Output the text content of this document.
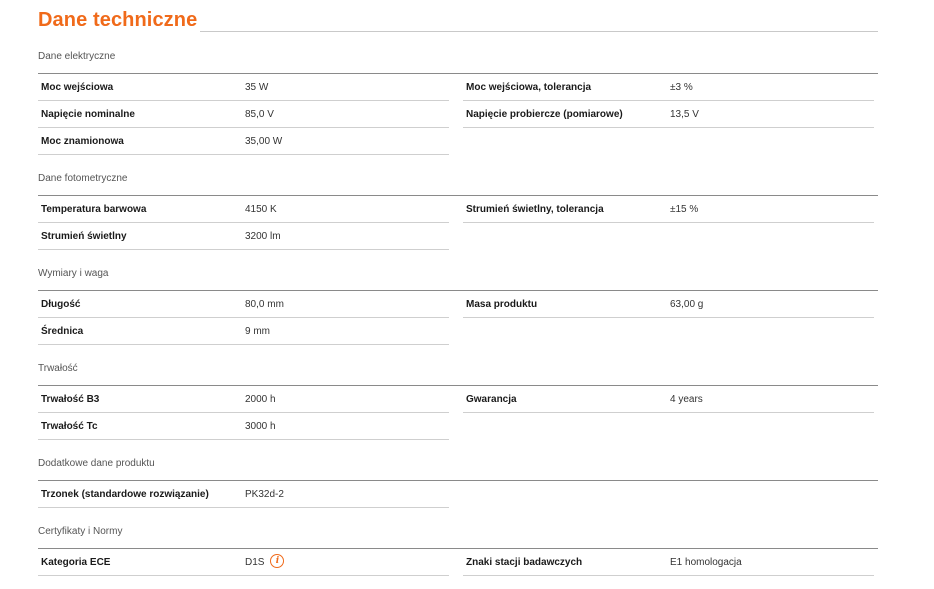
Dane techniczne
Dane elektryczne
Moc wejściowa	35 W
Napięcie nominalne	85,0 V
Moc znamionowa	35,00 W
Moc wejściowa, tolerancja	±3 %
Napięcie probiercze (pomiarowe)	13,5 V
Dane fotometryczne
Temperatura barwowa	4150 K
Strumień świetlny	3200 lm
Strumień świetlny, tolerancja	±15 %
Wymiary i waga
Długość	80,0 mm
Średnica	9 mm
Masa produktu	63,00 g
Trwałość
Trwałość B3	2000 h
Trwałość Tc	3000 h
Gwarancja	4 years
Dodatkowe dane produktu
Trzonek (standardowe rozwiązanie)	PK32d-2
Certyfikaty i Normy
Kategoria ECE	D1S i	Znaki stacji badawczych	E1 homologacja
